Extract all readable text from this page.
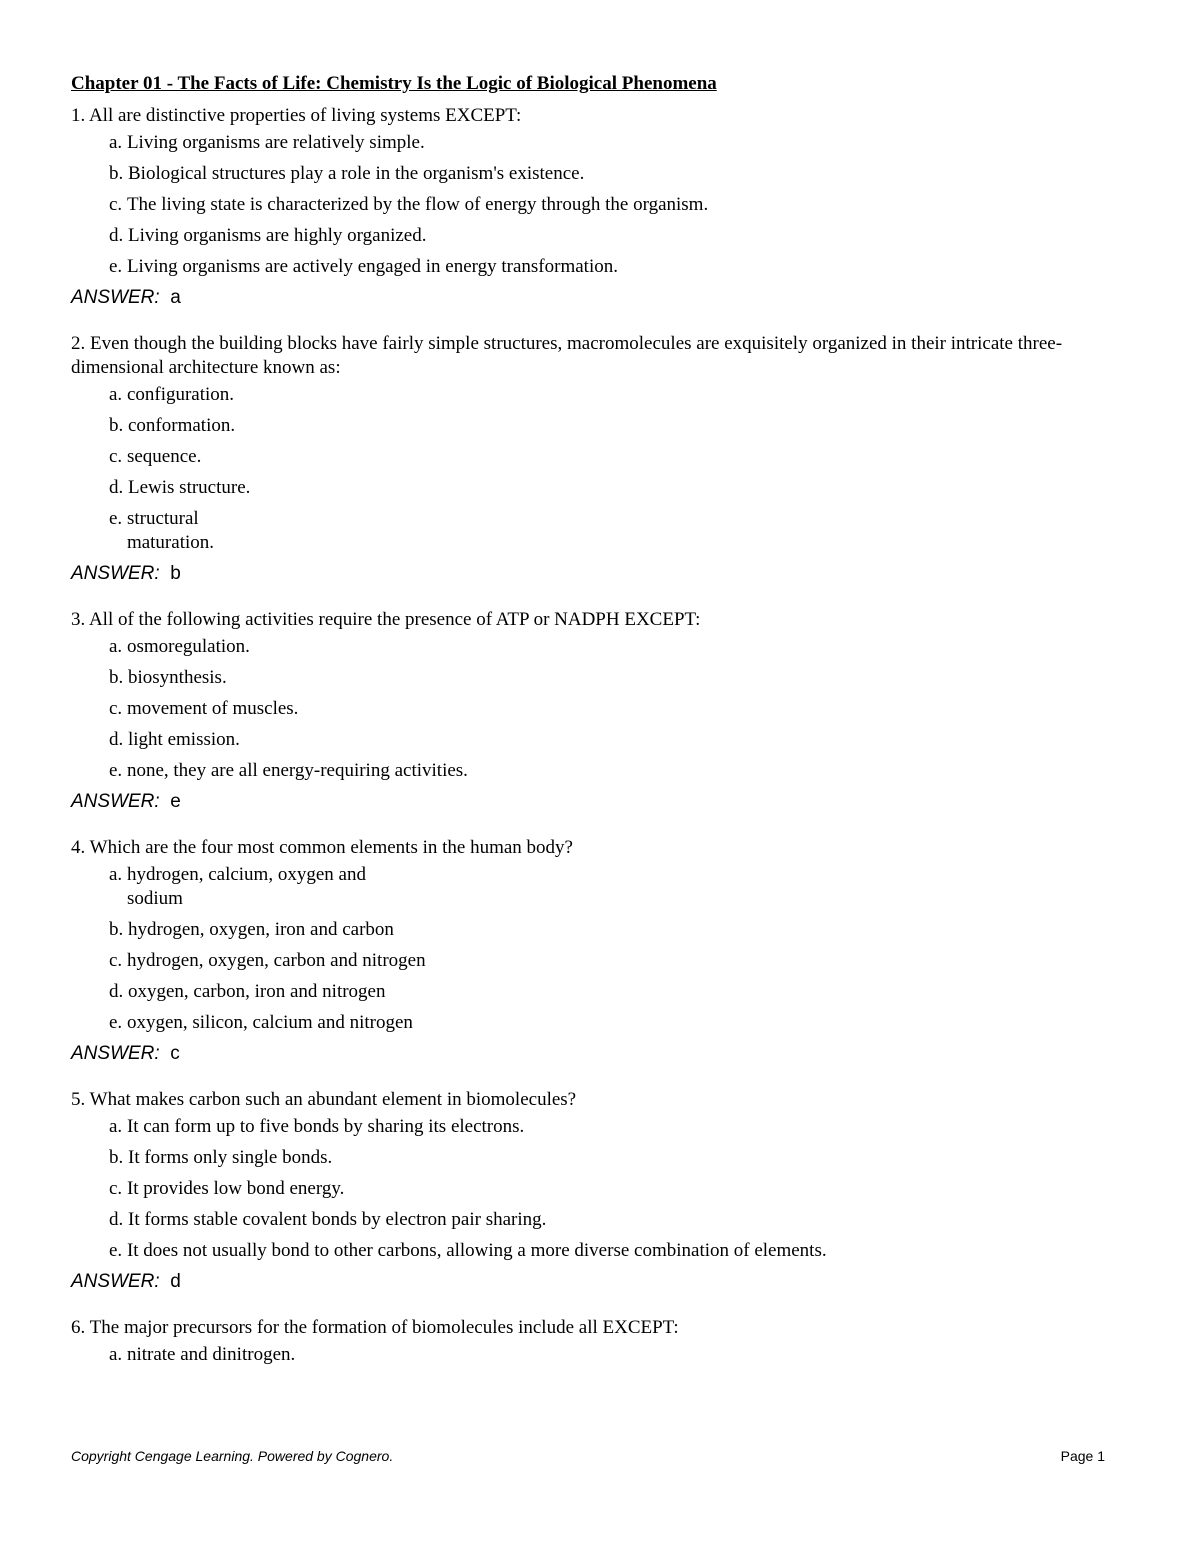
Chapter 01 - The Facts of Life: Chemistry Is the Logic of Biological Phenomena
1. All are distinctive properties of living systems EXCEPT:
a.
Living organisms are relatively simple.
b.
Biological structures play a role in the organism's existence.
c.
The living state is characterized by the flow of energy through the organism.
d.
Living organisms are highly organized.
e.
Living organisms are actively engaged in energy transformation.
ANSWER: a
2. Even though the building blocks have fairly simple structures, macromolecules are exquisitely organized in their intricate three-dimensional architecture known as:
a.
configuration.
b.
conformation.
c.
sequence.
d.
Lewis structure.
e.
structural maturation.
ANSWER: b
3. All of the following activities require the presence of ATP or NADPH EXCEPT:
a.
osmoregulation.
b.
biosynthesis.
c.
movement of muscles.
d.
light emission.
e.
none, they are all energy-requiring activities.
ANSWER: e
4. Which are the four most common elements in the human body?
a.
hydrogen, calcium, oxygen and sodium
b.
hydrogen, oxygen, iron and carbon
c.
hydrogen, oxygen, carbon and nitrogen
d.
oxygen, carbon, iron and nitrogen
e.
oxygen, silicon, calcium and nitrogen
ANSWER: c
5. What makes carbon such an abundant element in biomolecules?
a.
It can form up to five bonds by sharing its electrons.
b.
It forms only single bonds.
c.
It provides low bond energy.
d.
It forms stable covalent bonds by electron pair sharing.
e.
It does not usually bond to other carbons, allowing a more diverse combination of elements.
ANSWER: d
6. The major precursors for the formation of biomolecules include all EXCEPT:
a.
nitrate and dinitrogen.
Copyright Cengage Learning. Powered by Cognero.	Page 1
